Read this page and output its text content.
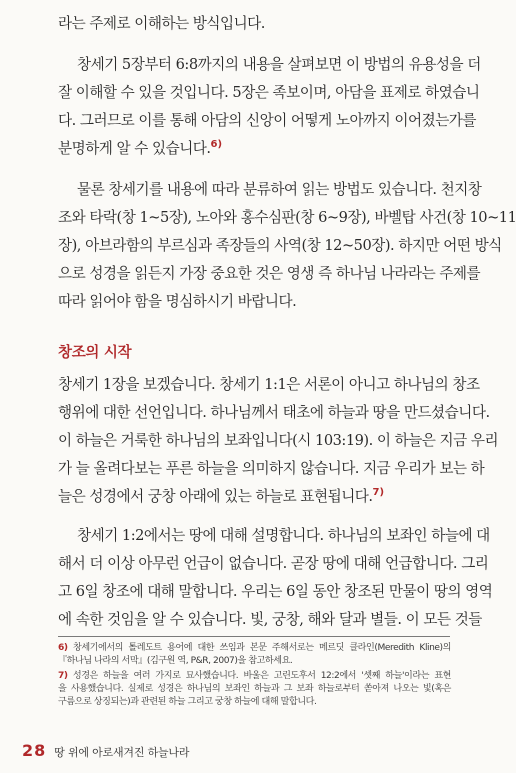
라는 주제로 이해하는 방식입니다.
창세기 5장부터 6:8까지의 내용을 살펴보면 이 방법의 유용성을 더
잘 이해할 수 있을 것입니다. 5장은 족보이며, 아담을 표제로 하였습니
다. 그러므로 이를 통해 아담의 신앙이 어떻게 노아까지 이어졌는가를
분명하게 알 수 있습니다.$^{6)}$
물론 창세기를 내용에 따라 분류하여 읽는 방법도 있습니다. 천지창
조와 타락(창 1~5장), 노아와 홍수심판(창 6~9장), 바벨탑 사건(창 10~11
장), 아브라함의 부르심과 족장들의 사역(창 12~50장). 하지만 어떤 방식
으로 성경을 읽든지 가장 중요한 것은 영생 즉 하나님 나라라는 주제를
따라 읽어야 함을 명심하시기 바랍니다.
창조의 시작
창세기 1장을 보겠습니다. 창세기 1:1은 서론이 아니고 하나님의 창조
행위에 대한 선언입니다. 하나님께서 태초에 하늘과 땅을 만드셨습니다.
이 하늘은 거룩한 하나님의 보좌입니다(시 103:19). 이 하늘은 지금 우리
가 늘 올려다보는 푸른 하늘을 의미하지 않습니다. 지금 우리가 보는 하
늘은 성경에서 궁창 아래에 있는 하늘로 표현됩니다.$^{7)}$
창세기 1:2에서는 땅에 대해 설명합니다. 하나님의 보좌인 하늘에 대
해서 더 이상 아무런 언급이 없습니다. 곧장 땅에 대해 언급합니다. 그리
고 6일 창조에 대해 말합니다. 우리는 6일 동안 창조된 만물이 땅의 영역
에 속한 것임을 알 수 있습니다. 빛, 궁창, 해와 달과 별들. 이 모든 것들
6) 창세기에서의 톨레도트 용어에 대한 쓰임과 본문 주해서로는 메르딧 클라인(Meredith Kline)의
『하나님 나라의 서막』(김구원 역, P&R, 2007)을 참고하세요.
7) 성경은 하늘을 여러 가지로 묘사했습니다. 바울은 고린도후서 12:2에서 '셋째 하늘'이라는 표현
을 사용했습니다. 실제로 성경은 하나님의 보좌인 하늘과 그 보좌 하늘로부터 쏟아져 나오는 빛(혹은
구름으로 상징되는)과 관련된 하늘 그리고 궁창 하늘에 대해 말합니다.
28 땅 위에 아로새겨진 하늘나라
